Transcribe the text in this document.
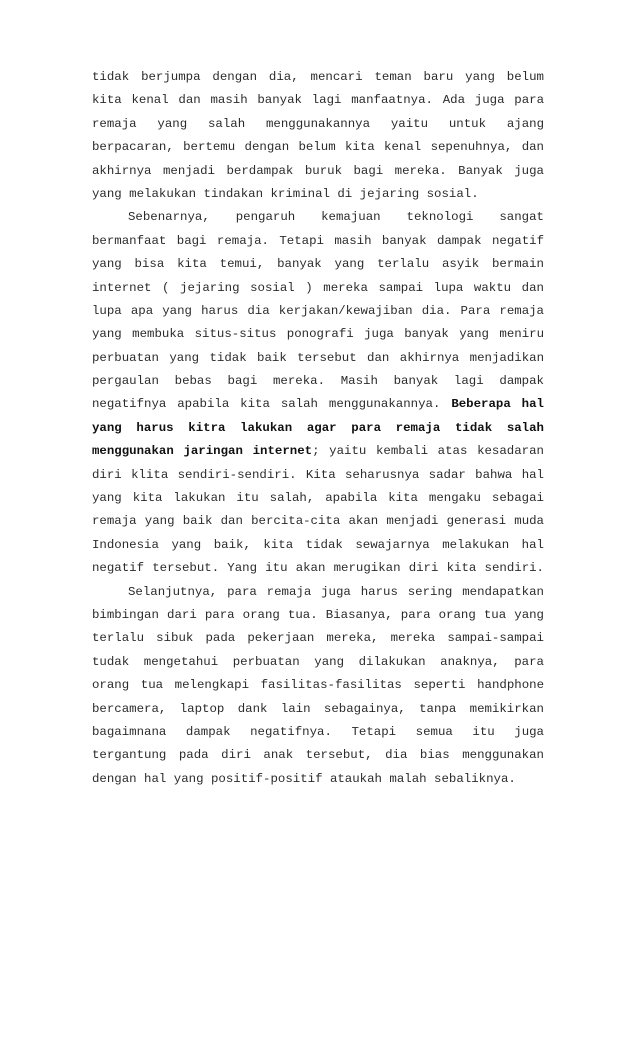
tidak berjumpa dengan dia, mencari teman baru yang belum
kita kenal dan masih banyak lagi manfaatnya. Ada juga para
remaja yang salah menggunakannya yaitu untuk ajang
berpacaran, bertemu dengan belum kita kenal sepenuhnya, dan
akhirnya menjadi berdampak buruk bagi mereka. Banyak juga
yang melakukan tindakan kriminal di jejaring sosial.
Sebenarnya, pengaruh kemajuan teknologi sangat
bermanfaat bagi remaja. Tetapi masih banyak dampak negatif
yang bisa kita temui, banyak yang terlalu asyik bermain
internet ( jejaring sosial ) mereka sampai lupa waktu dan
lupa apa yang harus dia kerjakan/kewajiban dia. Para remaja
yang membuka situs-situs ponografi juga banyak yang meniru
perbuatan yang tidak baik tersebut dan akhirnya menjadikan
pergaulan bebas bagi mereka. Masih banyak lagi dampak
negatifnya apabila kita salah menggunakannya. Beberapa hal
yang harus kitra lakukan agar para remaja tidak salah
menggunakan jaringan internet; yaitu kembali atas kesadaran
diri klita sendiri-sendiri. Kita seharusnya sadar bahwa hal
yang kita lakukan itu salah, apabila kita mengaku sebagai
remaja yang baik dan bercita-cita akan menjadi generasi muda
Indonesia yang baik, kita tidak sewajarnya melakukan hal
negatif tersebut. Yang itu akan merugikan diri kita sendiri.
Selanjutnya, para remaja juga harus sering mendapatkan
bimbingan dari para orang tua. Biasanya, para orang tua yang
terlalu sibuk pada pekerjaan mereka, mereka sampai-sampai
tudak mengetahui perbuatan yang dilakukan anaknya, para
orang tua melengkapi fasilitas-fasilitas seperti handphone
bercamera, laptop dank lain sebagainya, tanpa memikirkan
bagaimnana dampak negatifnya. Tetapi semua itu juga
tergantung pada diri anak tersebut, dia bias menggunakan
dengan hal yang positif-positif ataukah malah sebaliknya.
